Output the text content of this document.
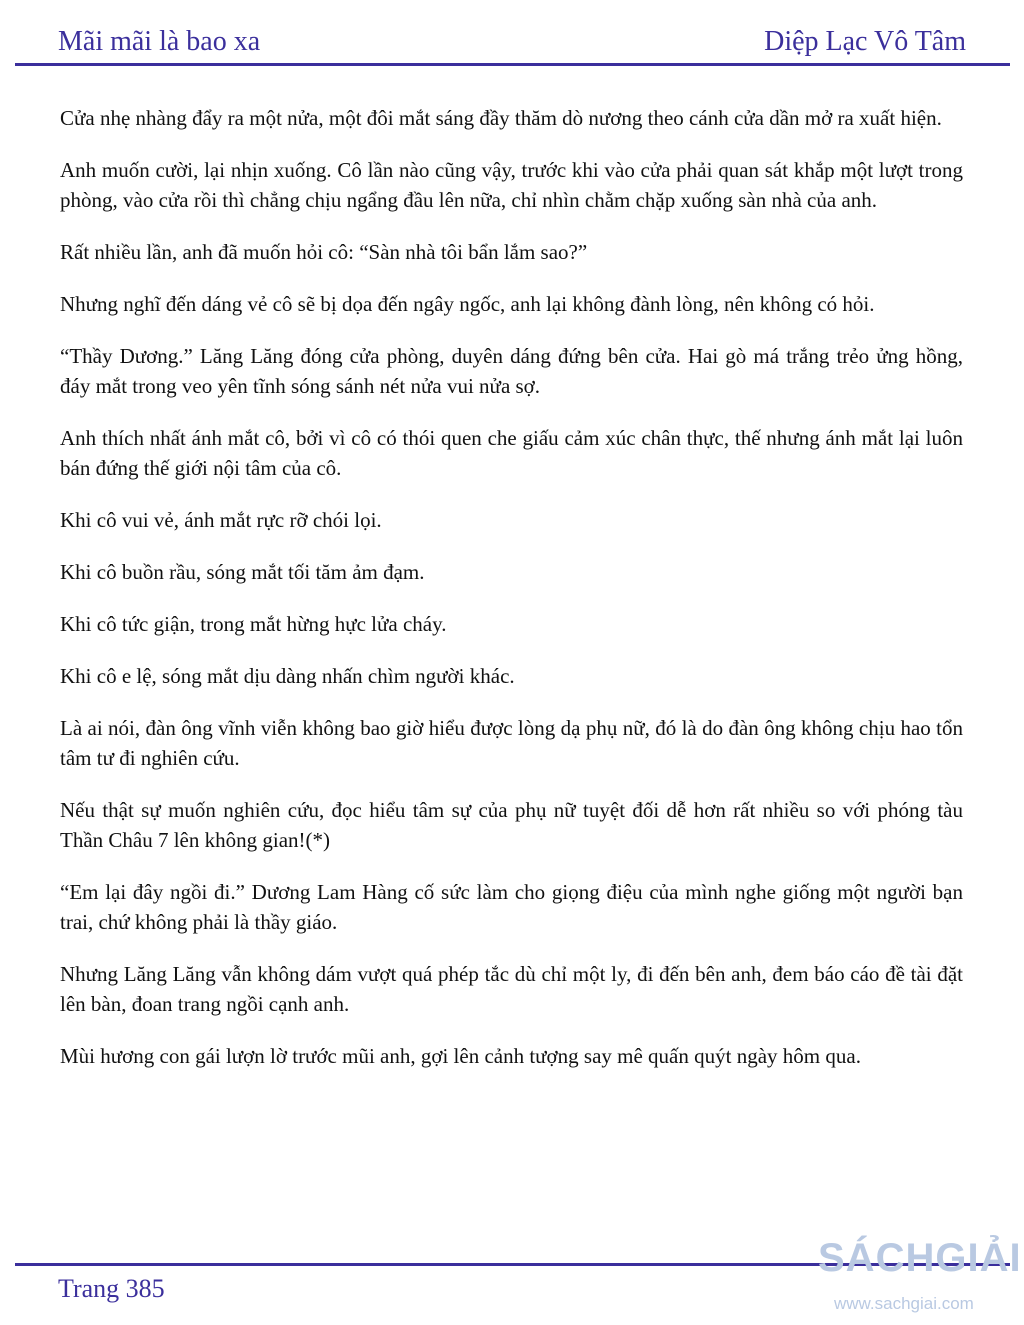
Mãi mãi là bao xa	Diệp Lạc Vô Tâm

Cửa nhẹ nhàng đẩy ra một nửa, một đôi mắt sáng đầy thăm dò nương theo cánh cửa dần mở ra xuất hiện.

Anh muốn cười, lại nhịn xuống. Cô lần nào cũng vậy, trước khi vào cửa phải quan sát khắp một lượt trong phòng, vào cửa rồi thì chẳng chịu ngẩng đầu lên nữa, chỉ nhìn chằm chặp xuống sàn nhà của anh.

Rất nhiều lần, anh đã muốn hỏi cô: “Sàn nhà tôi bẩn lắm sao?”

Nhưng nghĩ đến dáng vẻ cô sẽ bị dọa đến ngây ngốc, anh lại không đành lòng, nên không có hỏi.

“Thầy Dương.” Lăng Lăng đóng cửa phòng, duyên dáng đứng bên cửa. Hai gò má trắng trẻo ửng hồng, đáy mắt trong veo yên tĩnh sóng sánh nét nửa vui nửa sợ.

Anh thích nhất ánh mắt cô, bởi vì cô có thói quen che giấu cảm xúc chân thực, thế nhưng ánh mắt lại luôn bán đứng thế giới nội tâm của cô.

Khi cô vui vẻ, ánh mắt rực rỡ chói lọi.

Khi cô buồn rầu, sóng mắt tối tăm ảm đạm.

Khi cô tức giận, trong mắt hừng hực lửa cháy.

Khi cô e lệ, sóng mắt dịu dàng nhấn chìm người khác.

Là ai nói, đàn ông vĩnh viễn không bao giờ hiểu được lòng dạ phụ nữ, đó là do đàn ông không chịu hao tổn tâm tư đi nghiên cứu.

Nếu thật sự muốn nghiên cứu, đọc hiểu tâm sự của phụ nữ tuyệt đối dễ hơn rất nhiều so với phóng tàu Thần Châu 7 lên không gian!(*)

“Em lại đây ngồi đi.” Dương Lam Hàng cố sức làm cho giọng điệu của mình nghe giống một người bạn trai, chứ không phải là thầy giáo.

Nhưng Lăng Lăng vẫn không dám vượt quá phép tắc dù chỉ một ly, đi đến bên anh, đem báo cáo đề tài đặt lên bàn, đoan trang ngồi cạnh anh.

Mùi hương con gái lượn lờ trước mũi anh, gợi lên cảnh tượng say mê quấn quýt ngày hôm qua.

Trang 385
SÁCHGIẢI
www.sachgiai.com
